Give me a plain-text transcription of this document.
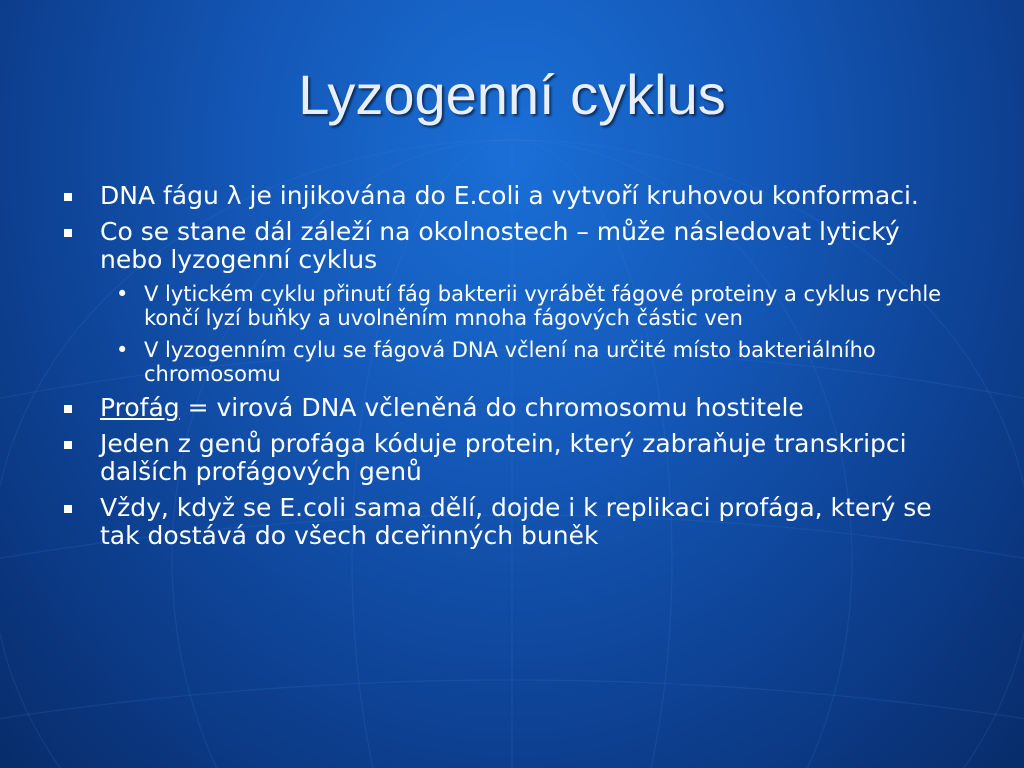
Lyzogenní cyklus
DNA fágu λ je injikována do E.coli a vytvoří kruhovou konformaci.
Co se stane dál záleží na okolnostech – může následovat lytický nebo lyzogenní cyklus
• V lytickém cyklu přinutí fág bakterii vyrábět fágové proteiny a cyklus rychle končí lyzí buňky a uvolněním mnoha fágových částic ven
• V lyzogenním cylu se fágová DNA včlení na určité místo bakteriálního chromosomu
Profág = virová DNA včleněná do chromosomu hostitele
Jeden z genů profága kóduje protein, který zabraňuje transkripci dalších profágových genů
Vždy, když se E.coli sama dělí, dojde i k replikaci profága, který se tak dostává do všech dceřinných buněk
